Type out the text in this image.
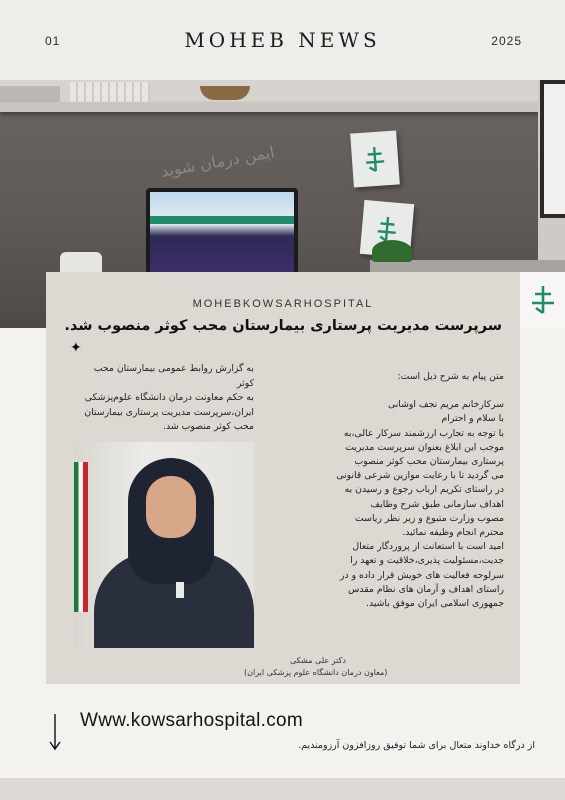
01	MOHEB NEWS	2025
ایمن درمان شوید
MOHEBKOWSARHOSPITAL
سرپرست مدیریت پرستاری بیمارستان محب کوثر منصوب شد.
✦
به گزارش روابط عمومی بیمارستان محب کوثر
به حکم معاونت درمان دانشگاه علوم‌پزشکی
ایران،سرپرست مدیریت پرستاری بیمارستان
محب کوثر منصوب شد.

متن پیام به شرح ذیل است:

سرکارخانم مریم نجف اوشانی

با سلام و احترام

با توجه به تجارب ارزشمند سرکار عالی،به

موجب این ابلاغ بعنوان سرپرست مدیریت

پرستاری بیمارستان محب کوثر منصوب

می گردید تا با رعایت موازین شرعی قانونی

در راستای تکریم ارباب رجوع و رسیدن به

اهداف سازمانی طبق شرح وظایف

مصوب وزارت متبوع و زیر نظر ریاست

محترم انجام وظیفه نمائید.

امید است با استعانت از پروردگار متعال

جدیت،مسئولیت پذیری،خلاقیت و تعهد را

سرلوحه فعالیت های خویش قرار داده و در

راستای اهداف و آرمان های نظام مقدس

جمهوری اسلامی ایران موفق باشید.

دکتر علی مشکی
(معاون درمان دانشگاه علوم پزشکی ایران)
Www.kowsarhospital.com
از درگاه خداوند متعال برای شما توفیق روزافزون آرزومندیم.
